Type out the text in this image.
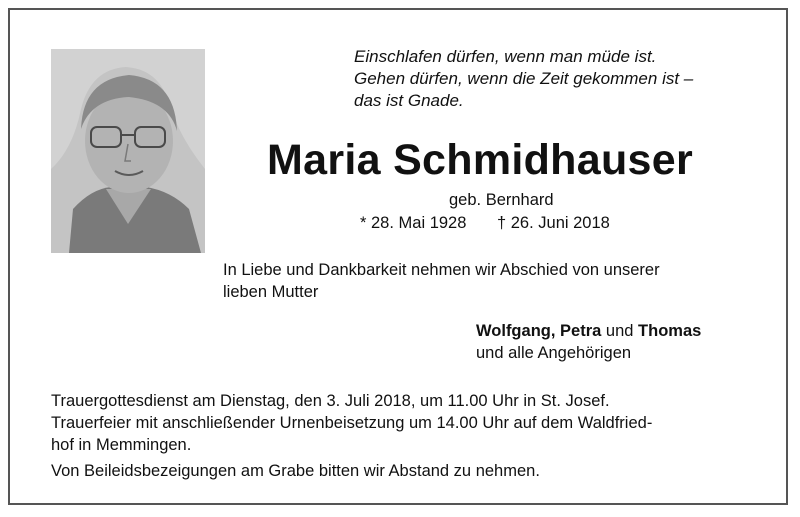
Einschlafen dürfen, wenn man müde ist.
Gehen dürfen, wenn die Zeit gekommen ist –
das ist Gnade.
Maria Schmidhauser
geb. Bernhard
* 28. Mai 1928 † 26. Juni 2018
In Liebe und Dankbarkeit nehmen wir Abschied von unserer
lieben Mutter
Wolfgang, Petra und Thomas
und alle Angehörigen
Trauergottesdienst am Dienstag, den 3. Juli 2018, um 11.00 Uhr in St. Josef.
Trauerfeier mit anschließender Urnenbeisetzung um 14.00 Uhr auf dem Waldfried-
hof in Memmingen.
Von Beileidsbezeigungen am Grabe bitten wir Abstand zu nehmen.
